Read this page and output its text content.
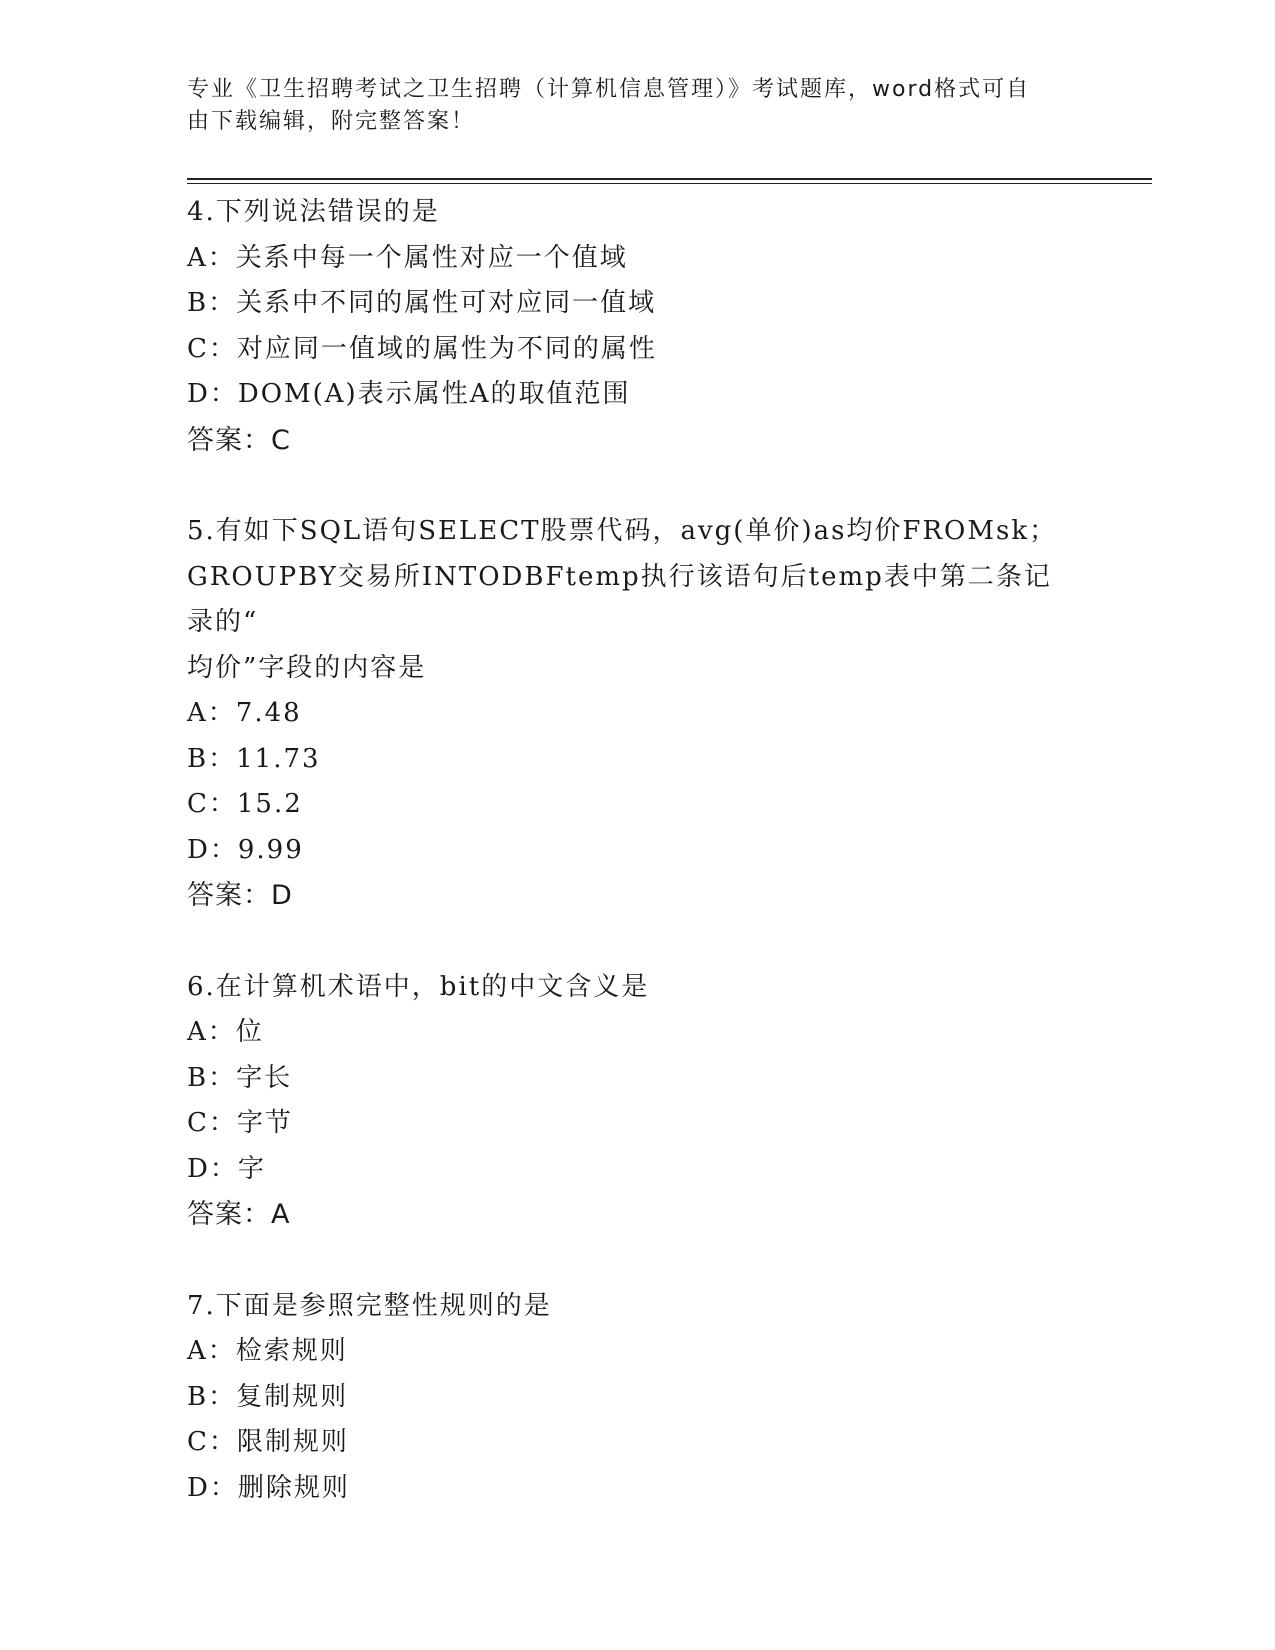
专业《卫生招聘考试之卫生招聘（计算机信息管理）》考试题库，word格式可自
由下载编辑，附完整答案！

4.下列说法错误的是

A：关系中每一个属性对应一个值域

B：关系中不同的属性可对应同一值域

C：对应同一值域的属性为不同的属性

D：DOM(A)表示属性A的取值范围

答案：C

5.有如下SQL语句SELECT股票代码，avg(单价)as均价FROMsk；

GROUPBY交易所INTODBFtemp执行该语句后temp表中第二条记录的“

均价”字段的内容是

A：7.48

B：11.73

C：15.2

D：9.99

答案：D

6.在计算机术语中，bit的中文含义是

A：位

B：字长

C：字节

D：字

答案：A

7.下面是参照完整性规则的是

A：检索规则

B：复制规则

C：限制规则

D：删除规则
